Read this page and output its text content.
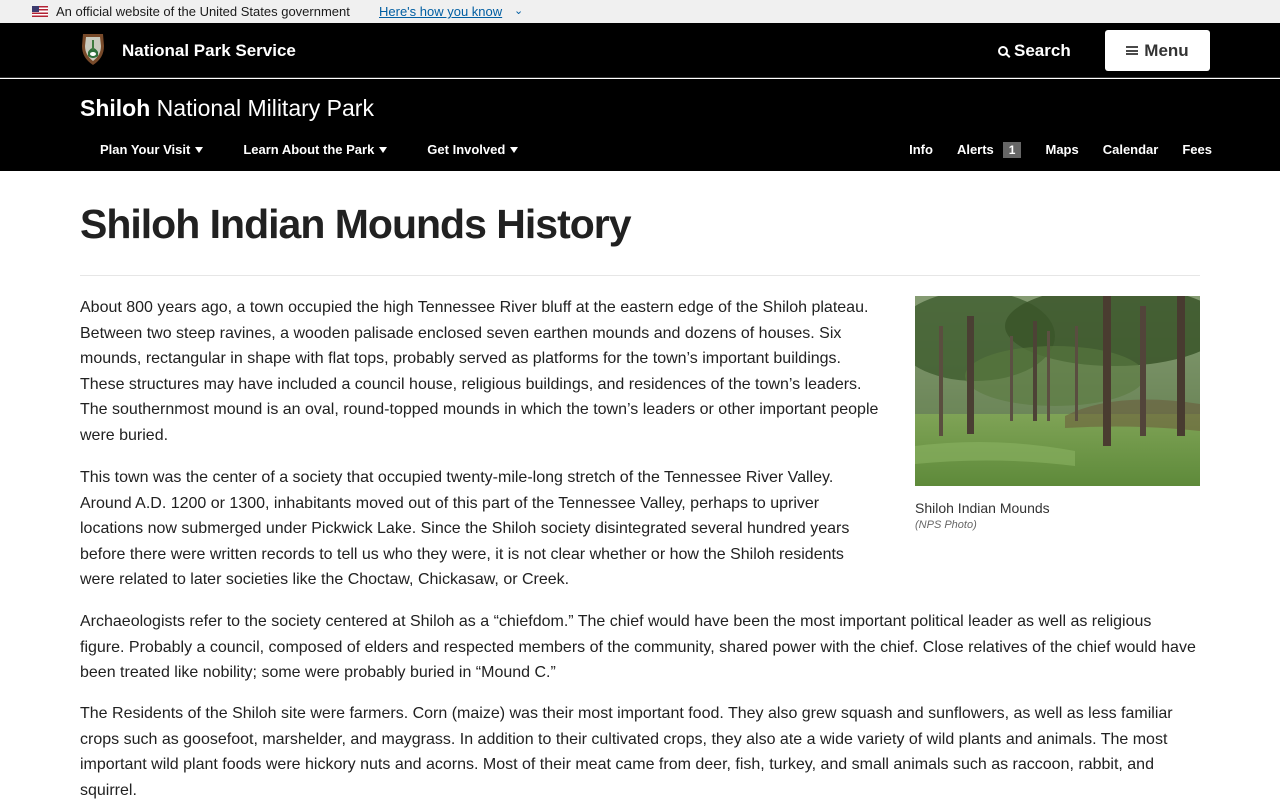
An official website of the United States government Here's how you know ⌄
National Park Service	Search	Menu
Shiloh National Military Park
Plan Your Visit	Learn About the Park	Get Involved	Info Alerts	1	Maps	Calendar	Fees
Shiloh Indian Mounds History

About 800 years ago, a town occupied the high Tennessee River bluff at the eastern edge of the Shiloh plateau. Between two steep ravines, a wooden palisade enclosed seven earthen mounds and dozens of houses. Six mounds, rectangular in shape with flat tops, probably served as platforms for the town’s important buildings. These structures may have included a council house, religious buildings, and residences of the town’s leaders. The southernmost mound is an oval, round-topped mounds in which the town’s leaders or other important people were buried.

This town was the center of a society that occupied twenty-mile-long stretch of the Tennessee River Valley. Around A.D. 1200 or 1300, inhabitants moved out of this part of the Tennessee Valley, perhaps to upriver locations now submerged under Pickwick Lake. Since the Shiloh society disintegrated several hundred years before there were written records to tell us who they were, it is not clear whether or how the Shiloh residents were related to later societies like the Choctaw, Chickasaw, or Creek.

Archaeologists refer to the society centered at Shiloh as a “chiefdom.” The chief would have been the most important political leader as well as religious figure. Probably a council, composed of elders and respected members of the community, shared power with the chief. Close relatives of the chief would have been treated like nobility; some were probably buried in “Mound C.”

The Residents of the Shiloh site were farmers. Corn (maize) was their most important food. They also grew squash and sunflowers, as well as less familiar crops such as goosefoot, marshelder, and maygrass. In addition to their cultivated crops, they also ate a wide variety of wild plants and animals. The most important wild plant foods were hickory nuts and acorns. Most of their meat came from deer, fish, turkey, and small animals such as raccoon, rabbit, and squirrel.

Shiloh Indian Mounds
(NPS Photo)
